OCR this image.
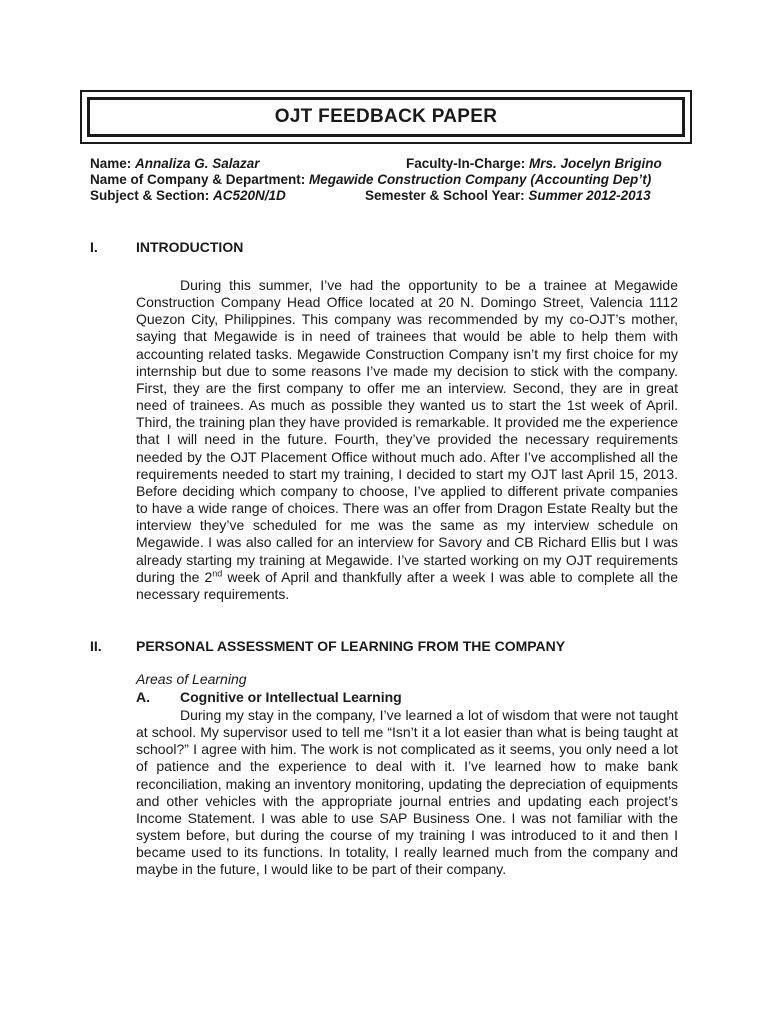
OJT FEEDBACK PAPER
Name: Annaliza G. Salazar	Faculty-In-Charge: Mrs. Jocelyn Brigino
Name of Company & Department: Megawide Construction Company (Accounting Dep’t)
Subject & Section: AC520N/1D	Semester & School Year: Summer 2012-2013
I.	INTRODUCTION

During this summer, I’ve had the opportunity to be a trainee at Megawide Construction Company Head Office located at 20 N. Domingo Street, Valencia 1112 Quezon City, Philippines. This company was recommended by my co-OJT’s mother, saying that Megawide is in need of trainees that would be able to help them with accounting related tasks. Megawide Construction Company isn’t my first choice for my internship but due to some reasons I’ve made my decision to stick with the company. First, they are the first company to offer me an interview. Second, they are in great need of trainees. As much as possible they wanted us to start the 1st week of April. Third, the training plan they have provided is remarkable. It provided me the experience that I will need in the future. Fourth, they’ve provided the necessary requirements needed by the OJT Placement Office without much ado. After I’ve accomplished all the requirements needed to start my training, I decided to start my OJT last April 15, 2013. Before deciding which company to choose, I’ve applied to different private companies to have a wide range of choices. There was an offer from Dragon Estate Realty but the interview they’ve scheduled for me was the same as my interview schedule on Megawide. I was also called for an interview for Savory and CB Richard Ellis but I was already starting my training at Megawide. I’ve started working on my OJT requirements during the 2nd week of April and thankfully after a week I was able to complete all the necessary requirements.

II. PERSONAL ASSESSMENT OF LEARNING FROM THE COMPANY
Areas of Learning
A. Cognitive or Intellectual Learning

During my stay in the company, I’ve learned a lot of wisdom that were not taught at school. My supervisor used to tell me “Isn’t it a lot easier than what is being taught at school?” I agree with him. The work is not complicated as it seems, you only need a lot of patience and the experience to deal with it. I’ve learned how to make bank reconciliation, making an inventory monitoring, updating the depreciation of equipments and other vehicles with the appropriate journal entries and updating each project’s Income Statement. I was able to use SAP Business One. I was not familiar with the system before, but during the course of my training I was introduced to it and then I became used to its functions. In totality, I really learned much from the company and maybe in the future, I would like to be part of their company.
